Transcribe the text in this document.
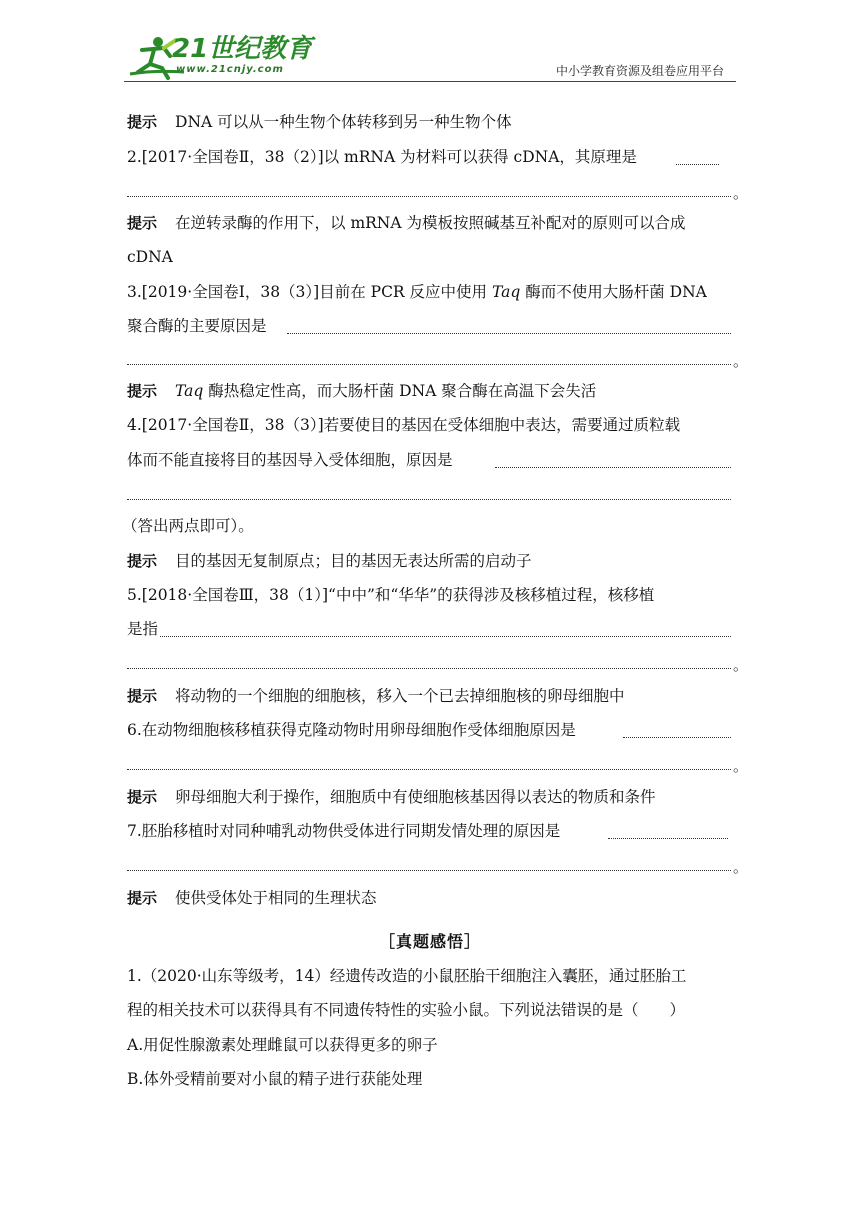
21世纪教育
www.21cnjy.com	中小学教育资源及组卷应用平台
提示 DNA 可以从一种生物个体转移到另一种生物个体
2.[2017·全国卷Ⅱ，38（2）]以 mRNA 为材料可以获得 cDNA，其原理是
。
提示 在逆转录酶的作用下，以 mRNA 为模板按照碱基互补配对的原则可以合成
cDNA
3.[2019·全国卷Ⅰ，38（3）]目前在 PCR 反应中使用 Taq 酶而不使用大肠杆菌 DNA
聚合酶的主要原因是
。
提示 Taq 酶热稳定性高，而大肠杆菌 DNA 聚合酶在高温下会失活
4.[2017·全国卷Ⅱ，38（3）]若要使目的基因在受体细胞中表达，需要通过质粒载
体而不能直接将目的基因导入受体细胞，原因是
（答出两点即可）。
提示 目的基因无复制原点；目的基因无表达所需的启动子
5.[2018·全国卷Ⅲ，38（1）]“中中”和“华华”的获得涉及核移植过程，核移植
是指
。
提示 将动物的一个细胞的细胞核，移入一个已去掉细胞核的卵母细胞中
6.在动物细胞核移植获得克隆动物时用卵母细胞作受体细胞原因是
。
提示 卵母细胞大利于操作，细胞质中有使细胞核基因得以表达的物质和条件
7.胚胎移植时对同种哺乳动物供受体进行同期发情处理的原因是
。
提示 使供受体处于相同的生理状态
［真题感悟］
1.（2020·山东等级考，14）经遗传改造的小鼠胚胎干细胞注入囊胚，通过胚胎工
程的相关技术可以获得具有不同遗传特性的实验小鼠。下列说法错误的是（　　）
A.用促性腺激素处理雌鼠可以获得更多的卵子
B.体外受精前要对小鼠的精子进行获能处理
